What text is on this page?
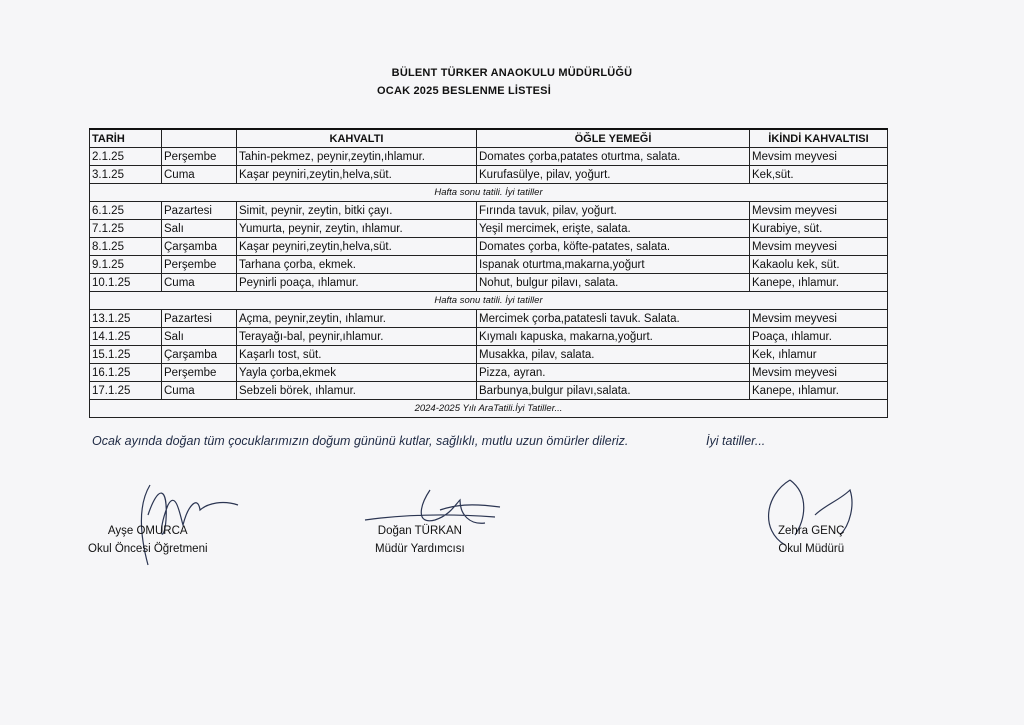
BÜLENT TÜRKER ANAOKULU MÜDÜRLÜĞÜ
OCAK 2025 BESLENME LİSTESİ
TARİH		KAHVALTI	ÖĞLE YEMEĞİ	İKİNDİ KAHVALTISI
2.1.25	Perşembe	Tahin-pekmez, peynir,zeytin,ıhlamur.	Domates çorba,patates oturtma, salata.	Mevsim meyvesi
3.1.25	Cuma	Kaşar peyniri,zeytin,helva,süt.	Kurufasülye, pilav, yoğurt.	Kek,süt.
Hafta sonu tatili. İyi tatiller				
6.1.25	Pazartesi	Simit, peynir, zeytin, bitki çayı.	Fırında tavuk, pilav, yoğurt.	Mevsim meyvesi
7.1.25	Salı	Yumurta, peynir, zeytin, ıhlamur.	Yeşil mercimek, erişte, salata.	Kurabiye, süt.
8.1.25	Çarşamba	Kaşar peyniri,zeytin,helva,süt.	Domates çorba, köfte-patates, salata.	Mevsim meyvesi
9.1.25	Perşembe	Tarhana çorba, ekmek.	Ispanak oturtma,makarna,yoğurt	Kakaolu kek, süt.
10.1.25	Cuma	Peynirli poaça, ıhlamur.	Nohut, bulgur pilavı, salata.	Kanepe, ıhlamur.
Hafta sonu tatili. İyi tatiller				
13.1.25	Pazartesi	Açma, peynir,zeytin, ıhlamur.	Mercimek çorba,patatesli tavuk. Salata.	Mevsim meyvesi
14.1.25	Salı	Terayağı-bal, peynir,ıhlamur.	Kıymalı kapuska, makarna,yoğurt.	Poaça, ıhlamur.
15.1.25	Çarşamba	Kaşarlı tost, süt.	Musakka, pilav, salata.	Kek, ıhlamur
16.1.25	Perşembe	Yayla çorba,ekmek	Pizza, ayran.	Mevsim meyvesi
17.1.25	Cuma	Sebzeli börek, ıhlamur.	Barbunya,bulgur pilavı,salata.	Kanepe, ıhlamur.
2024-2025 Yılı AraTatili.İyi Tatiller...				
Ocak ayında doğan tüm çocuklarımızın doğum gününü kutlar, sağlıklı, mutlu uzun ömürler dileriz.	İyi tatiller...
Ayşe OMURCA
Okul Öncesi Öğretmeni
Doğan TÜRKAN
Müdür Yardımcısı
Zehra GENÇ
Okul Müdürü
